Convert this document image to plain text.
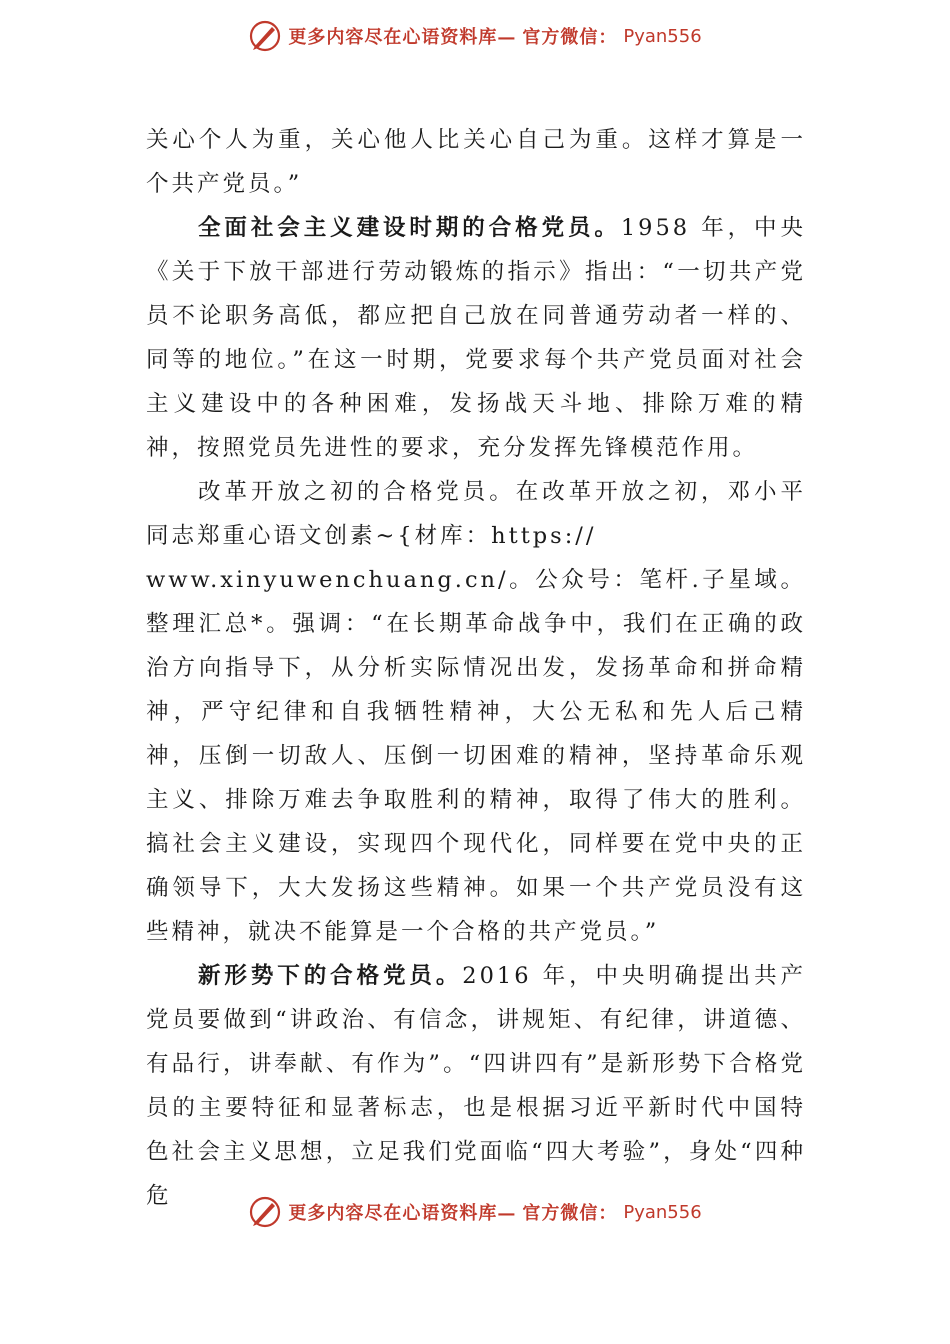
更多内容尽在心语资料库— 官方微信： Pyan556

关心个人为重，关心他人比关心自己为重。这样才算是一个共产党员。”

全面社会主义建设时期的合格党员。1958 年，中央《关于下放干部进行劳动锻炼的指示》指出：“一切共产党员不论职务高低，都应把自己放在同普通劳动者一样的、同等的地位。”在这一时期，党要求每个共产党员面对社会主义建设中的各种困难，发扬战天斗地、排除万难的精神，按照党员先进性的要求，充分发挥先锋模范作用。

改革开放之初的合格党员。在改革开放之初，邓小平同志郑重心语文创素~{材库：https://

www.xinyuwenchuang.cn/。公众号：笔杆.子星域。整理汇总*。强调：“在长期革命战争中，我们在正确的政治方向指导下，从分析实际情况出发，发扬革命和拼命精神，严守纪律和自我牺牲精神，大公无私和先人后己精神，压倒一切敌人、压倒一切困难的精神，坚持革命乐观主义、排除万难去争取胜利的精神，取得了伟大的胜利。搞社会主义建设，实现四个现代化，同样要在党中央的正确领导下，大大发扬这些精神。如果一个共产党员没有这些精神，就决不能算是一个合格的共产党员。”

新形势下的合格党员。2016 年，中央明确提出共产党员要做到“讲政治、有信念，讲规矩、有纪律，讲道德、有品行，讲奉献、有作为”。“四讲四有”是新形势下合格党员的主要特征和显著标志，也是根据习近平新时代中国特色社会主义思想，立足我们党面临“四大考验”，身处“四种危

更多内容尽在心语资料库— 官方微信： Pyan556
